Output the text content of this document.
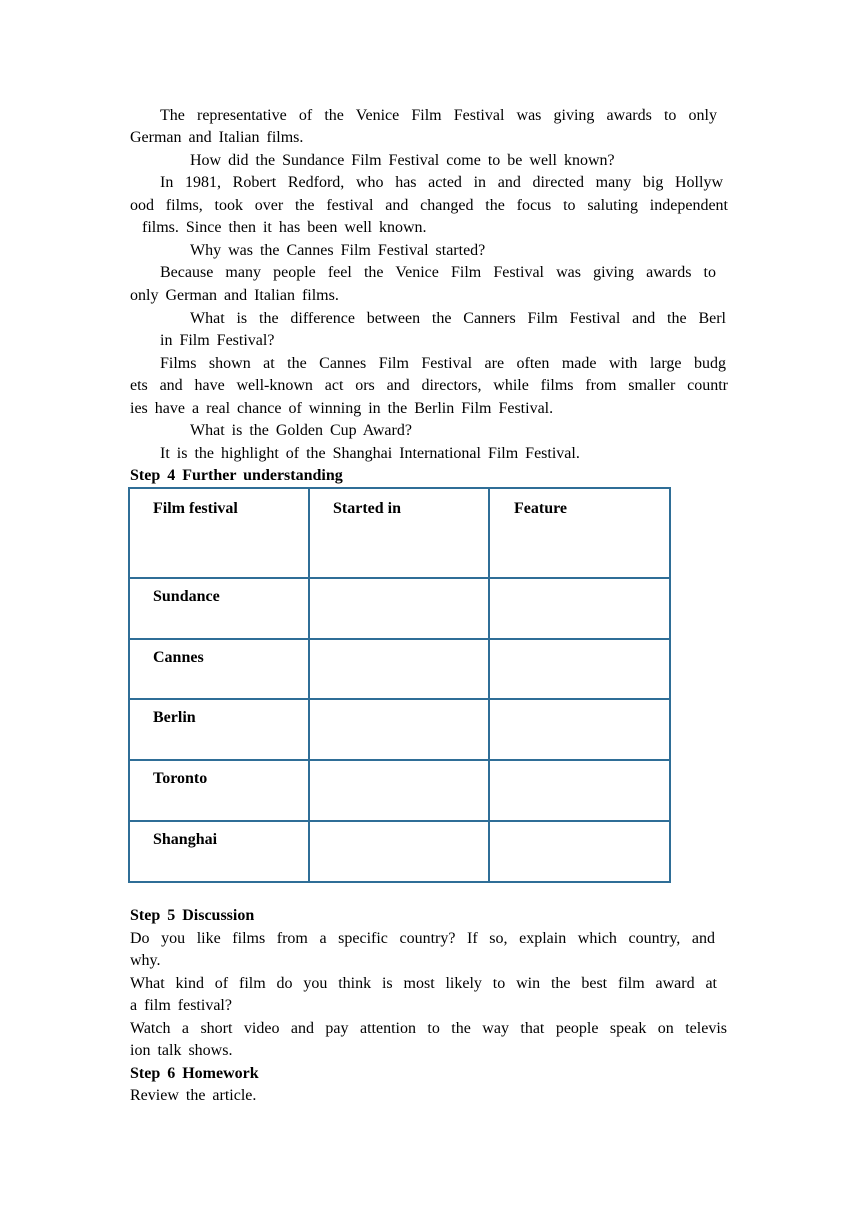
The representative of the Venice Film Festival was giving awards to only
German and Italian films.
How did the Sundance Film Festival come to be well known?
In 1981, Robert Redford, who has acted in and directed many big Hollyw
ood films, took over the festival and changed the focus to saluting independent
films. Since then it has been well known.
Why was the Cannes Film Festival started?
Because many people feel the Venice Film Festival was giving awards to
only German and Italian films.
What is the difference between the Canners Film Festival and the Berl
in Film Festival?
Films shown at the Cannes Film Festival are often made with large budg
ets and have well-known act ors and directors, while films from smaller countr
ies have a real chance of winning in the Berlin Film Festival.
What is the Golden Cup Award?
It is the highlight of the Shanghai International Film Festival.
Step 4 Further understanding
Film festival	Started in	Feature
Sundance		
Cannes		
Berlin		
Toronto		
Shanghai		
Step 5 Discussion
Do you like films from a specific country? If so, explain which country, and
why.
What kind of film do you think is most likely to win the best film award at
a film festival?
Watch a short video and pay attention to the way that people speak on televis
ion talk shows.
Step 6 Homework
Review the article.
